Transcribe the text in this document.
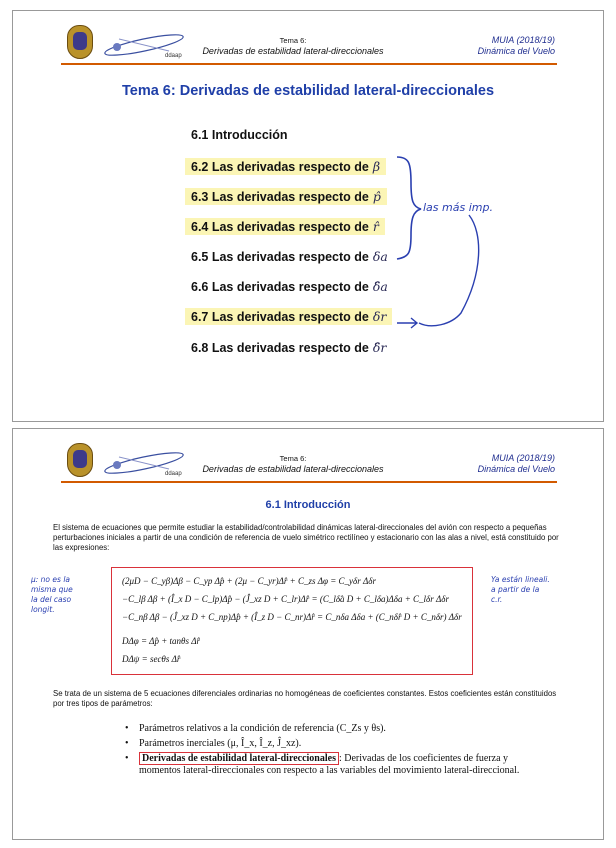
ddaap
Tema 6:
Derivadas de estabilidad lateral-direccionales
MUIA (2018/19)
Dinámica del Vuelo
Tema 6: Derivadas de estabilidad lateral-direccionales
6.1 Introducción
6.2 Las derivadas respecto de β
6.3 Las derivadas respecto de p̂
6.4 Las derivadas respecto de r̂
6.5 Las derivadas respecto de δa
6.6 Las derivadas respecto de δ̂a
6.7 Las derivadas respecto de δr
6.8 Las derivadas respecto de δ̂r
las más imp.
ddaap
Tema 6:
Derivadas de estabilidad lateral-direccionales
MUIA (2018/19)
Dinámica del Vuelo
6.1 Introducción
El sistema de ecuaciones que permite estudiar la estabilidad/controlabilidad dinámicas lateral-direccionales del avión con respecto a pequeñas perturbaciones iniciales a partir de una condición de referencia de vuelo simétrico rectilíneo y estacionario con las alas a nivel, está constituido por las expresiones:
(2μD − C_yβ)Δβ − C_yp Δp̂ + (2μ − C_yr)Δr̂ + C_zs Δφ = C_yδr Δδr
−C_lβ Δβ + (Î_x D − C_lp)Δp̂ − (Ĵ_xz D + C_lr)Δr̂ = (C_lδ̂a D + C_lδa)Δδa + C_lδr Δδr
−C_nβ Δβ − (Ĵ_xz D + C_np)Δp̂ + (Î_z D − C_nr)Δr̂ = C_nδa Δδa + (C_nδ̂r D + C_nδr) Δδr
DΔφ = Δp̂ + tanθs Δr̂
DΔψ = secθs Δr̂
μ: no es la
misma que
la del caso
longit.
Ya están lineali.
a partir de la
c.r.
Se trata de un sistema de 5 ecuaciones diferenciales ordinarias no homogéneas de coeficientes constantes. Estos coeficientes están constituidos por tres tipos de parámetros:
• Parámetros relativos a la condición de referencia (C_Zs y θs).
• Parámetros inerciales (μ, Î_x, Î_z, Ĵ_xz).
• Derivadas de estabilidad lateral-direccionales : Derivadas de los coeficientes de fuerza y momentos lateral-direccionales con respecto a las variables del movimiento lateral-direccional.
